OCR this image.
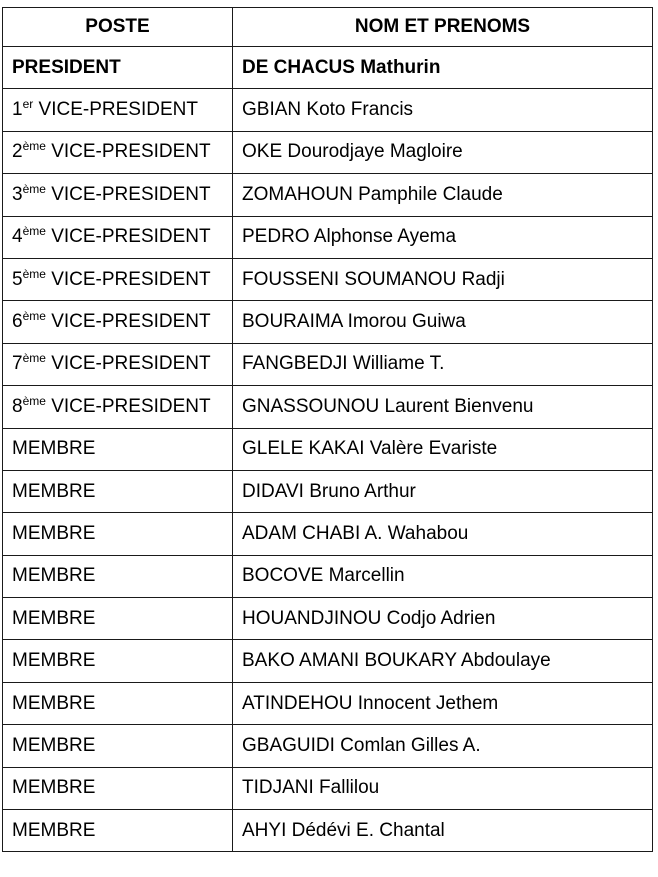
POSTE	NOM ET PRENOMS
PRESIDENT	DE CHACUS Mathurin
1er VICE-PRESIDENT	GBIAN Koto Francis
2ème VICE-PRESIDENT	OKE Dourodjaye Magloire
3ème VICE-PRESIDENT	ZOMAHOUN Pamphile Claude
4ème VICE-PRESIDENT	PEDRO Alphonse Ayema
5ème VICE-PRESIDENT	FOUSSENI SOUMANOU Radji
6ème VICE-PRESIDENT	BOURAIMA Imorou Guiwa
7ème VICE-PRESIDENT	FANGBEDJI Williame T.
8ème VICE-PRESIDENT	GNASSOUNOU Laurent Bienvenu
MEMBRE	GLELE KAKAI Valère Evariste
MEMBRE	DIDAVI Bruno Arthur
MEMBRE	ADAM CHABI A. Wahabou
MEMBRE	BOCOVE Marcellin
MEMBRE	HOUANDJINOU Codjo Adrien
MEMBRE	BAKO AMANI BOUKARY Abdoulaye
MEMBRE	ATINDEHOU Innocent Jethem
MEMBRE	GBAGUIDI Comlan Gilles A.
MEMBRE	TIDJANI Fallilou
MEMBRE	AHYI Dédévi E. Chantal
